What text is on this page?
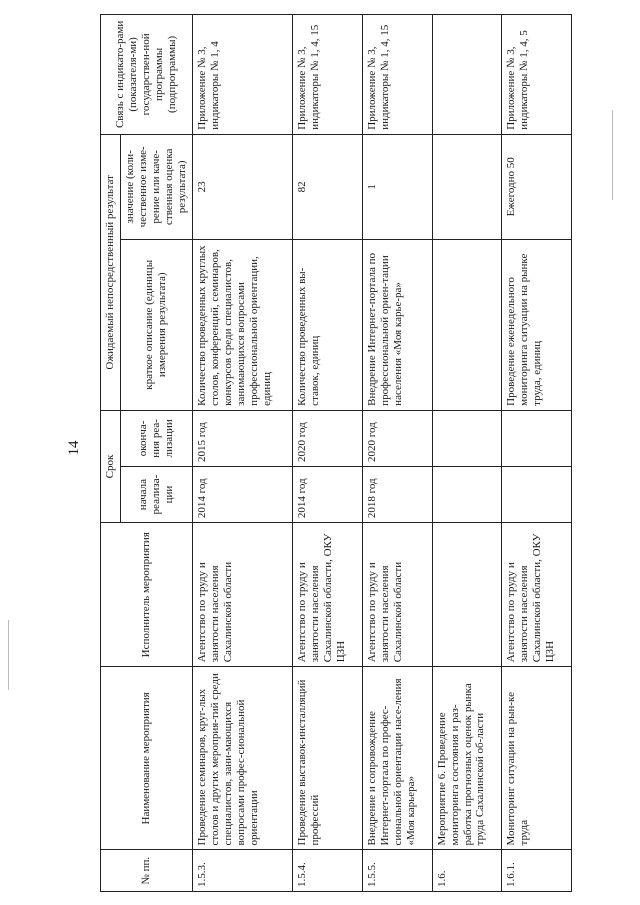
14
№ пп.	Наименование мероприятия	Исполнитель мероприятия	Срок		Ожидаемый непосредственный результат		Связь с индикато-рами (показателя-ми) государствен-ной программы (подпрограммы)
			начала реализа-ции	оконча-ния реа-лизации	краткое описание (единицы измерения результата)	значение (коли-чественное изме-рение или каче-ственная оценка результата)	
1.5.3.	Проведение семинаров, круг-лых столов и других мероприя-тий среди специалистов, зани-мающихся вопросами профес-сиональной ориентации	Агентство по труду и занятости населения Сахалинской области	2014 год	2015 год	Количество проведенных круглых столов, конференций, семинаров, конкурсов среди специалистов, занимающихся вопросами профессиональной ориентации, единиц	23	Приложение № 3, индикаторы № 1, 4
1.5.4.	Проведение выставок-инсталляций профессий	Агентство по труду и занятости населения Сахалинской области, ОКУ ЦЗН	2014 год	2020 год	Количество проведенных вы-ставок, единиц	82	Приложение № 3, индикаторы № 1, 4, 15
1.5.5.	Внедрение и сопровождение Интернет-портала по профес-сиональной ориентации насе-ления «Моя карьера»	Агентство по труду и занятости населения Сахалинской области	2018 год	2020 год	Внедрение Интернет-портала по профессиональной ориен-тации населения «Моя карье-ра»	1	Приложение № 3, индикаторы № 1, 4, 15
1.6.	Мероприятие 6. Проведение мониторинга состояния и раз-работка прогнозных оценок рынка труда Сахалинской об-ласти						
1.6.1.	Мониторинг ситуации на рын-ке труда	Агентство по труду и занятости населения Сахалинской области, ОКУ ЦЗН			Проведение еженедельного мониторинга ситуации на рынке труда, единиц	Ежегодно 50	Приложение № 3, индикаторы № 1, 4, 5
